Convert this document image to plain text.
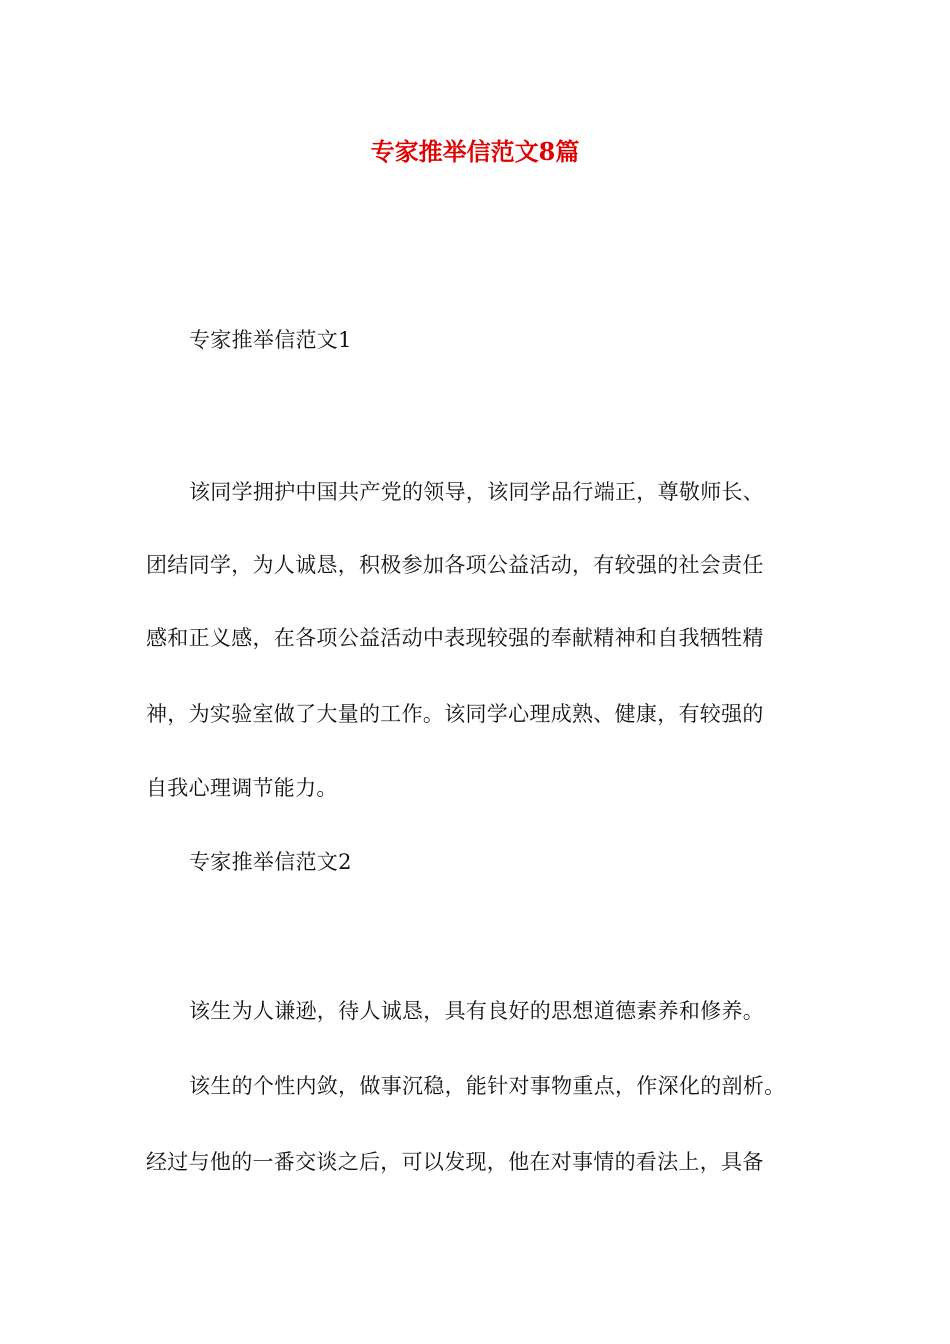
专家推举信范文8篇

专家推举信范文1

该同学拥护中国共产党的领导，该同学品行端正，尊敬师长、

团结同学，为人诚恳，积极参加各项公益活动，有较强的社会责任

感和正义感，在各项公益活动中表现较强的奉献精神和自我牺牲精

神，为实验室做了大量的工作。该同学心理成熟、健康，有较强的

自我心理调节能力。

专家推举信范文2

该生为人谦逊，待人诚恳，具有良好的思想道德素养和修养。

该生的个性内敛，做事沉稳，能针对事物重点，作深化的剖析。

经过与他的一番交谈之后，可以发现，他在对事情的看法上，具备
